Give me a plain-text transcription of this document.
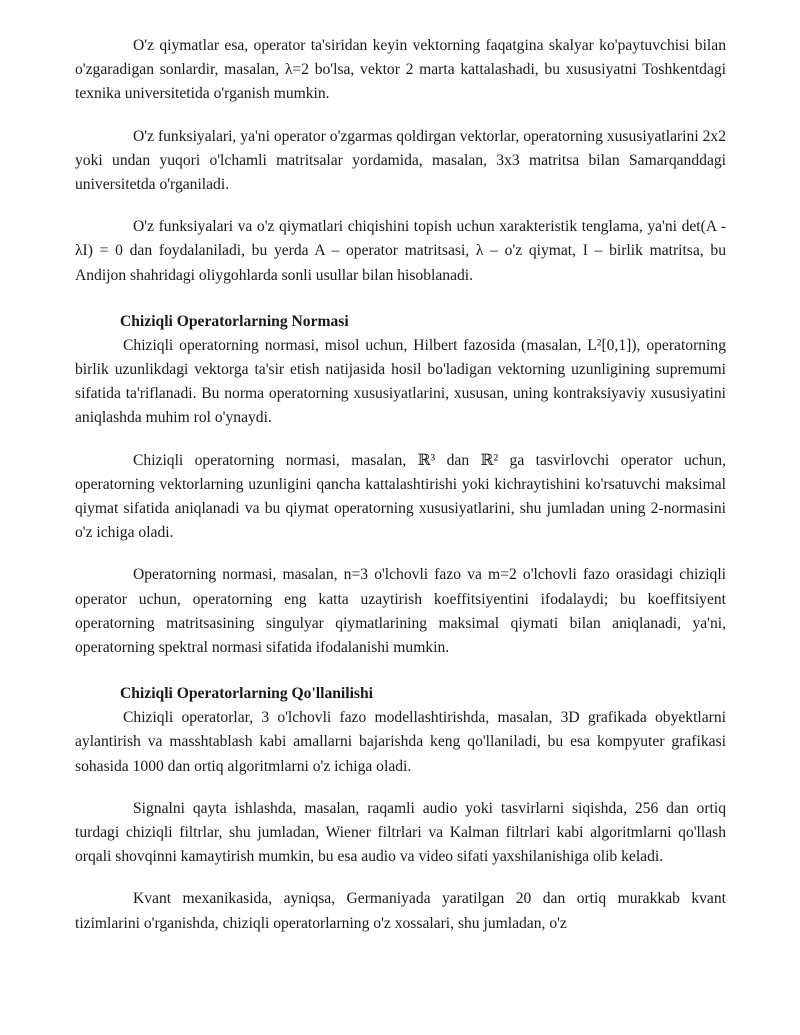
O'z qiymatlar esa, operator ta'siridan keyin vektorning faqatgina skalyar ko'paytuvchisi bilan o'zgaradigan sonlardir, masalan, λ=2 bo'lsa, vektor 2 marta kattalashadi, bu xususiyatni Toshkentdagi texnika universitetida o'rganish mumkin.

O'z funksiyalari, ya'ni operator o'zgarmas qoldirgan vektorlar, operatorning xususiyatlarini 2x2 yoki undan yuqori o'lchamli matritsalar yordamida, masalan, 3x3 matritsa bilan Samarqanddagi universitetda o'rganiladi.

O'z funksiyalari va o'z qiymatlari chiqishini topish uchun xarakteristik tenglama, ya'ni det(A - λI) = 0 dan foydalaniladi, bu yerda A – operator matritsasi, λ – o'z qiymat, I – birlik matritsa, bu Andijon shahridagi oliygohlarda sonli usullar bilan hisoblanadi.

Chiziqli Operatorlarning Normasi

Chiziqli operatorning normasi, misol uchun, Hilbert fazosida (masalan, L²[0,1]), operatorning birlik uzunlikdagi vektorga ta'sir etish natijasida hosil bo'ladigan vektorning uzunligining supremumi sifatida ta'riflanadi. Bu norma operatorning xususiyatlarini, xususan, uning kontraksiyaviy xususiyatini aniqlashda muhim rol o'ynaydi.

Chiziqli operatorning normasi, masalan, ℝ³ dan ℝ² ga tasvirlovchi operator uchun, operatorning vektorlarning uzunligini qancha kattalashtirishi yoki kichraytishini ko'rsatuvchi maksimal qiymat sifatida aniqlanadi va bu qiymat operatorning xususiyatlarini, shu jumladan uning 2-normasini o'z ichiga oladi.

Operatorning normasi, masalan, n=3 o'lchovli fazo va m=2 o'lchovli fazo orasidagi chiziqli operator uchun, operatorning eng katta uzaytirish koeffitsiyentini ifodalaydi; bu koeffitsiyent operatorning matritsasining singulyar qiymatlarining maksimal qiymati bilan aniqlanadi, ya'ni, operatorning spektral normasi sifatida ifodalanishi mumkin.

Chiziqli Operatorlarning Qo'llanilishi

Chiziqli operatorlar, 3 o'lchovli fazo modellashtirishda, masalan, 3D grafikada obyektlarni aylantirish va masshtablash kabi amallarni bajarishda keng qo'llaniladi, bu esa kompyuter grafikasi sohasida 1000 dan ortiq algoritmlarni o'z ichiga oladi.

Signalni qayta ishlashda, masalan, raqamli audio yoki tasvirlarni siqishda, 256 dan ortiq turdagi chiziqli filtrlar, shu jumladan, Wiener filtrlari va Kalman filtrlari kabi algoritmlarni qo'llash orqali shovqinni kamaytirish mumkin, bu esa audio va video sifati yaxshilanishiga olib keladi.

Kvant mexanikasida, ayniqsa, Germaniyada yaratilgan 20 dan ortiq murakkab kvant tizimlarini o'rganishda, chiziqli operatorlarning o'z xossalari, shu jumladan, o'z
